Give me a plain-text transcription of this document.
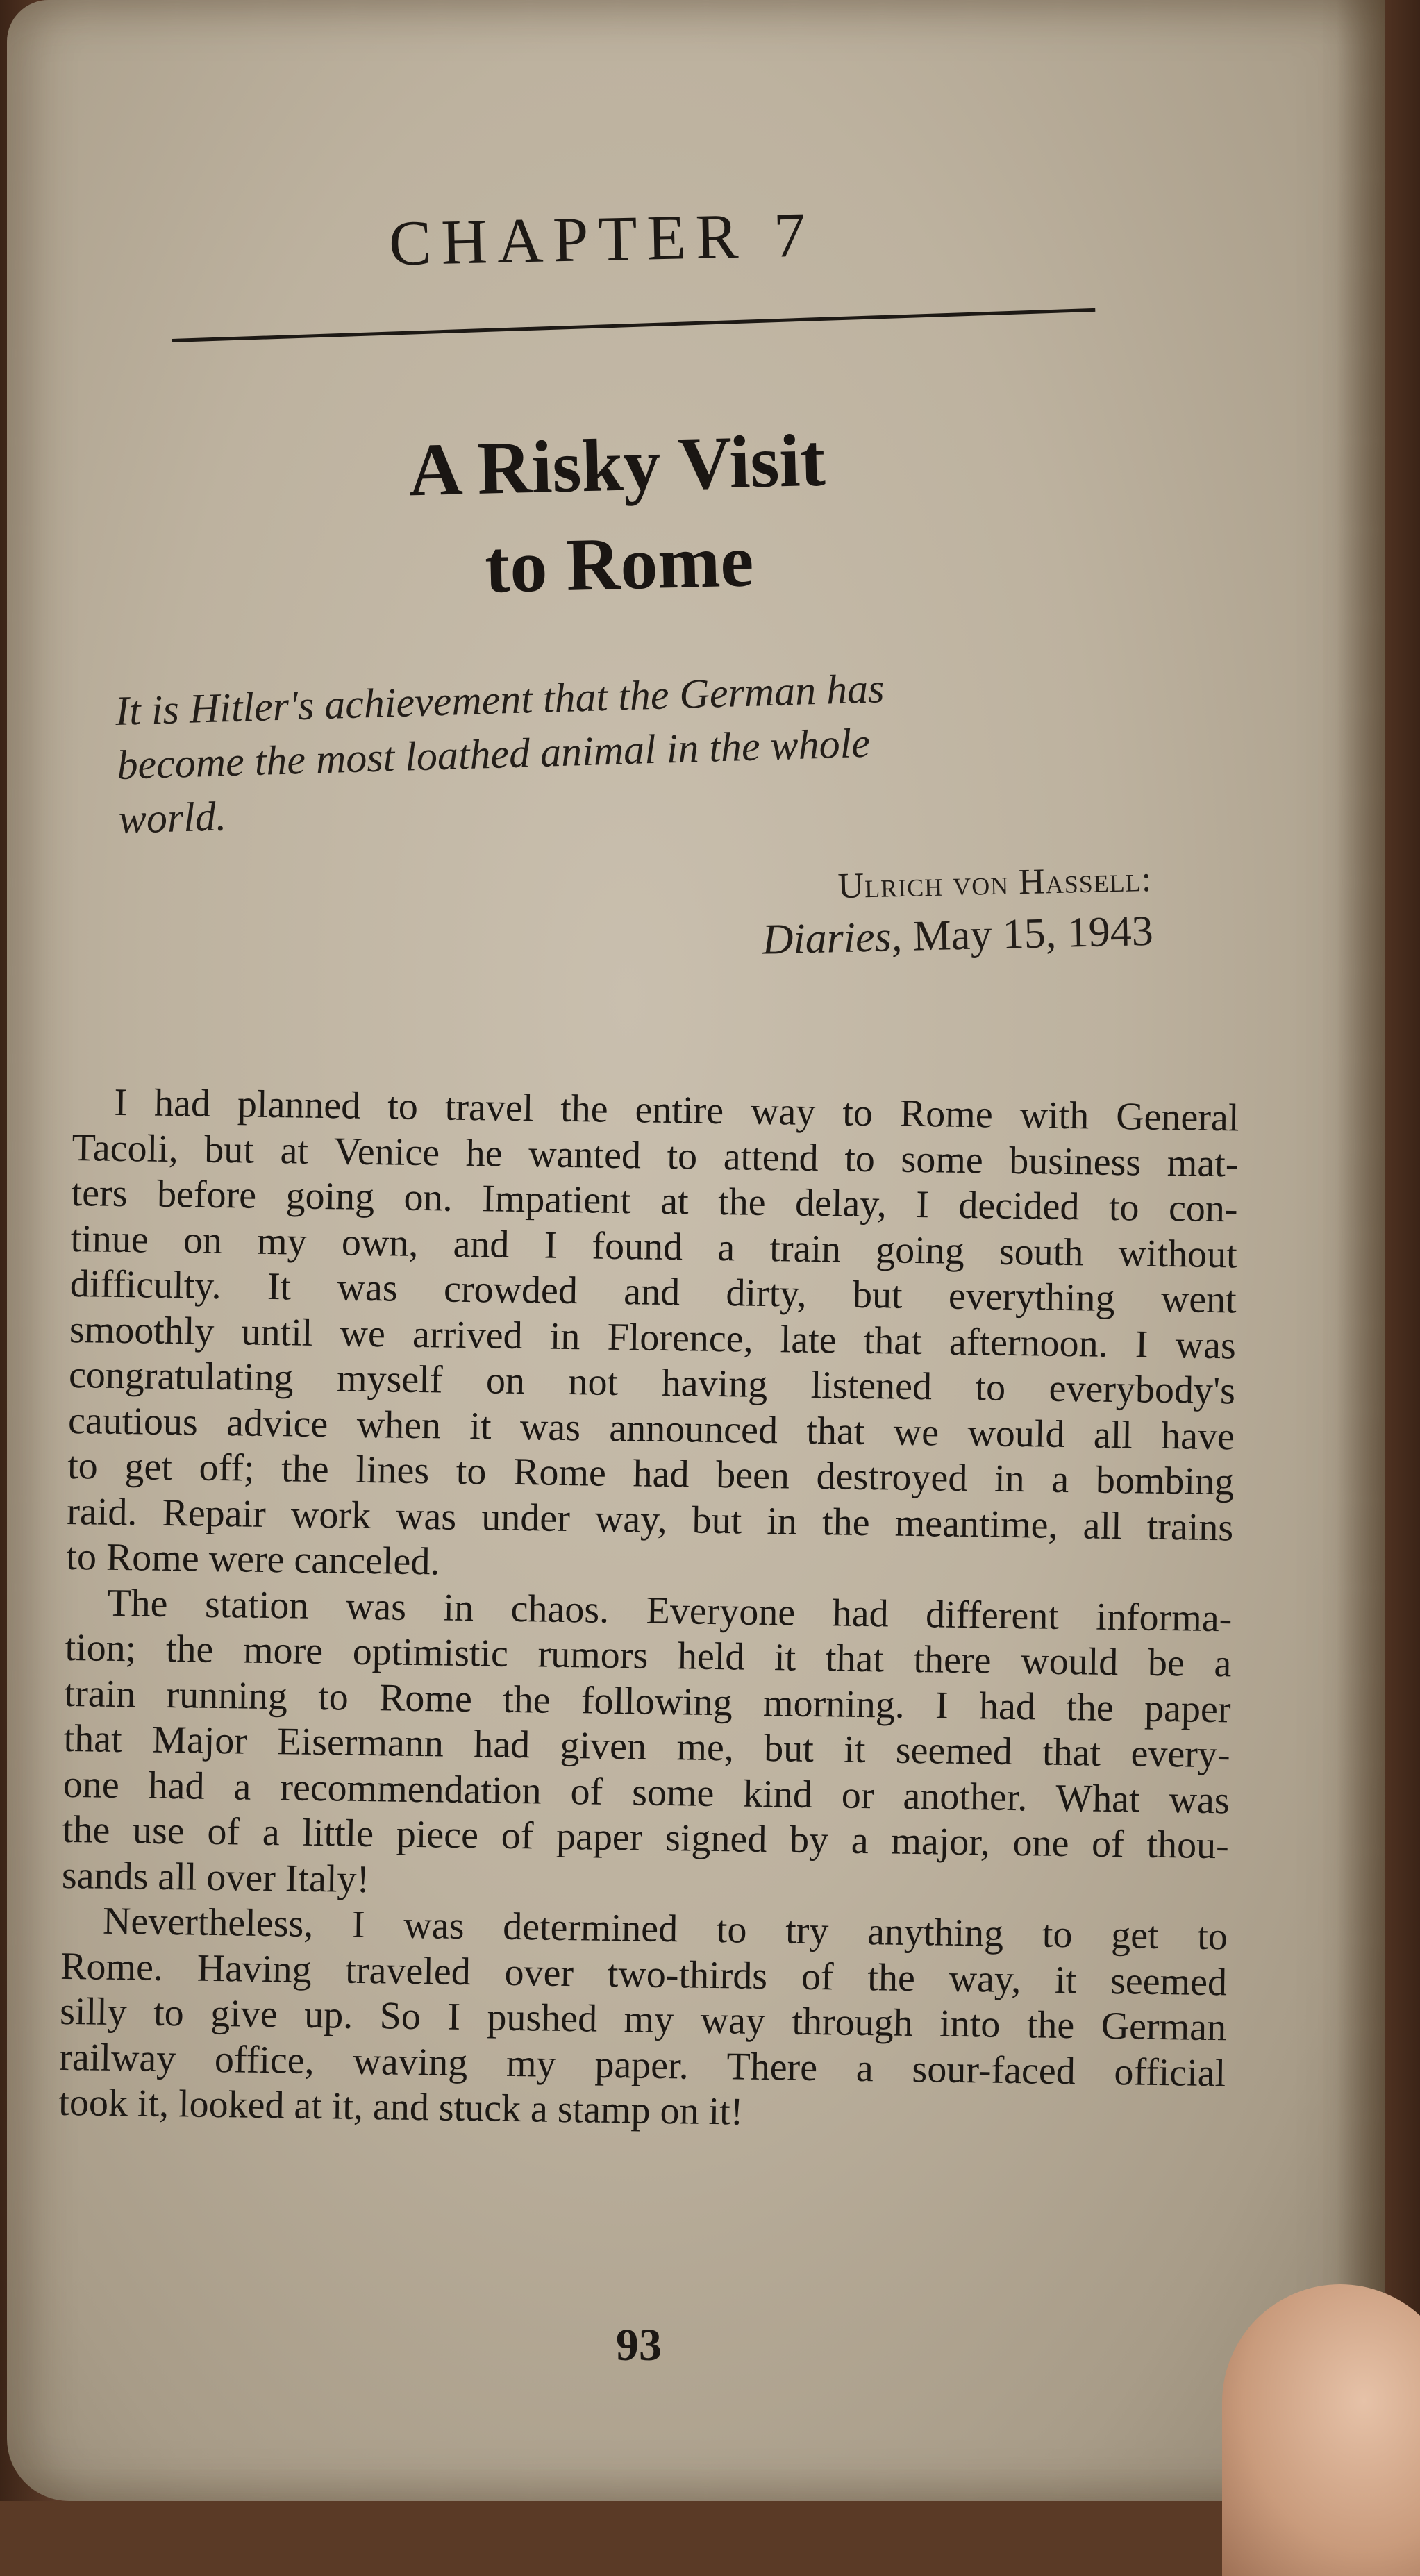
CHAPTER 7
A Risky Visit
to Rome
It is Hitler's achievement that the German has
become the most loathed animal in the whole
world.
Ulrich von Hassell:
Diaries, May 15, 1943
I had planned to travel the entire way to Rome with General
Tacoli, but at Venice he wanted to attend to some business mat-
ters before going on. Impatient at the delay, I decided to con-
tinue on my own, and I found a train going south without
difficulty. It was crowded and dirty, but everything went
smoothly until we arrived in Florence, late that afternoon. I was
congratulating myself on not having listened to everybody's
cautious advice when it was announced that we would all have
to get off; the lines to Rome had been destroyed in a bombing
raid. Repair work was under way, but in the meantime, all trains
to Rome were canceled.
The station was in chaos. Everyone had different informa-
tion; the more optimistic rumors held it that there would be a
train running to Rome the following morning. I had the paper
that Major Eisermann had given me, but it seemed that every-
one had a recommendation of some kind or another. What was
the use of a little piece of paper signed by a major, one of thou-
sands all over Italy!
Nevertheless, I was determined to try anything to get to
Rome. Having traveled over two-thirds of the way, it seemed
silly to give up. So I pushed my way through into the German
railway office, waving my paper. There a sour-faced official
took it, looked at it, and stuck a stamp on it!
93
